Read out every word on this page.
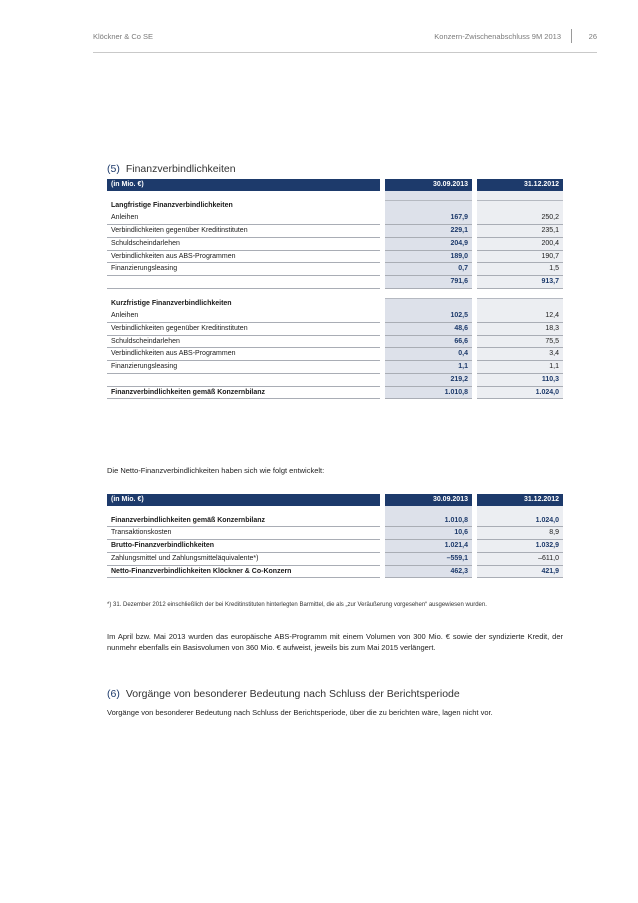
Klöckner & Co SE	Konzern-Zwischenabschluss 9M 2013	26
(5) Finanzverbindlichkeiten
(in Mio. €)		30.09.2013		31.12.2012

Langfristige Finanzverbindlichkeiten				
Anleihen		167,9		250,2
Verbindlichkeiten gegenüber Kreditinstituten		229,1		235,1
Schuldscheindarlehen		204,9		200,4
Verbindlichkeiten aus ABS-Programmen		189,0		190,7
Finanzierungsleasing		0,7		1,5
		791,6		913,7

Kurzfristige Finanzverbindlichkeiten				
Anleihen		102,5		12,4
Verbindlichkeiten gegenüber Kreditinstituten		48,6		18,3
Schuldscheindarlehen		66,6		75,5
Verbindlichkeiten aus ABS-Programmen		0,4		3,4
Finanzierungsleasing		1,1		1,1
		219,2		110,3
Finanzverbindlichkeiten gemäß Konzernbilanz		1.010,8		1.024,0
Die Netto-Finanzverbindlichkeiten haben sich wie folgt entwickelt:
(in Mio. €)		30.09.2013		31.12.2012

Finanzverbindlichkeiten gemäß Konzernbilanz		1.010,8		1.024,0
Transaktionskosten		10,6		8,9
Brutto-Finanzverbindlichkeiten		1.021,4		1.032,9
Zahlungsmittel und Zahlungsmitteläquivalente*)		–559,1		–611,0
Netto-Finanzverbindlichkeiten Klöckner & Co-Konzern		462,3		421,9
*) 31. Dezember 2012 einschließlich der bei Kreditinstituten hinterlegten Barmittel, die als „zur Veräußerung vorgesehen“ ausgewiesen wurden.
Im April bzw. Mai 2013 wurden das europäische ABS-Programm mit einem Volumen von 300 Mio. € sowie der syndizierte Kredit, der nunmehr ebenfalls ein Basisvolumen von 360 Mio. € aufweist, jeweils bis zum Mai 2015 verlängert.
(6) Vorgänge von besonderer Bedeutung nach Schluss der Berichtsperiode
Vorgänge von besonderer Bedeutung nach Schluss der Berichtsperiode, über die zu berichten wäre, lagen nicht vor.
